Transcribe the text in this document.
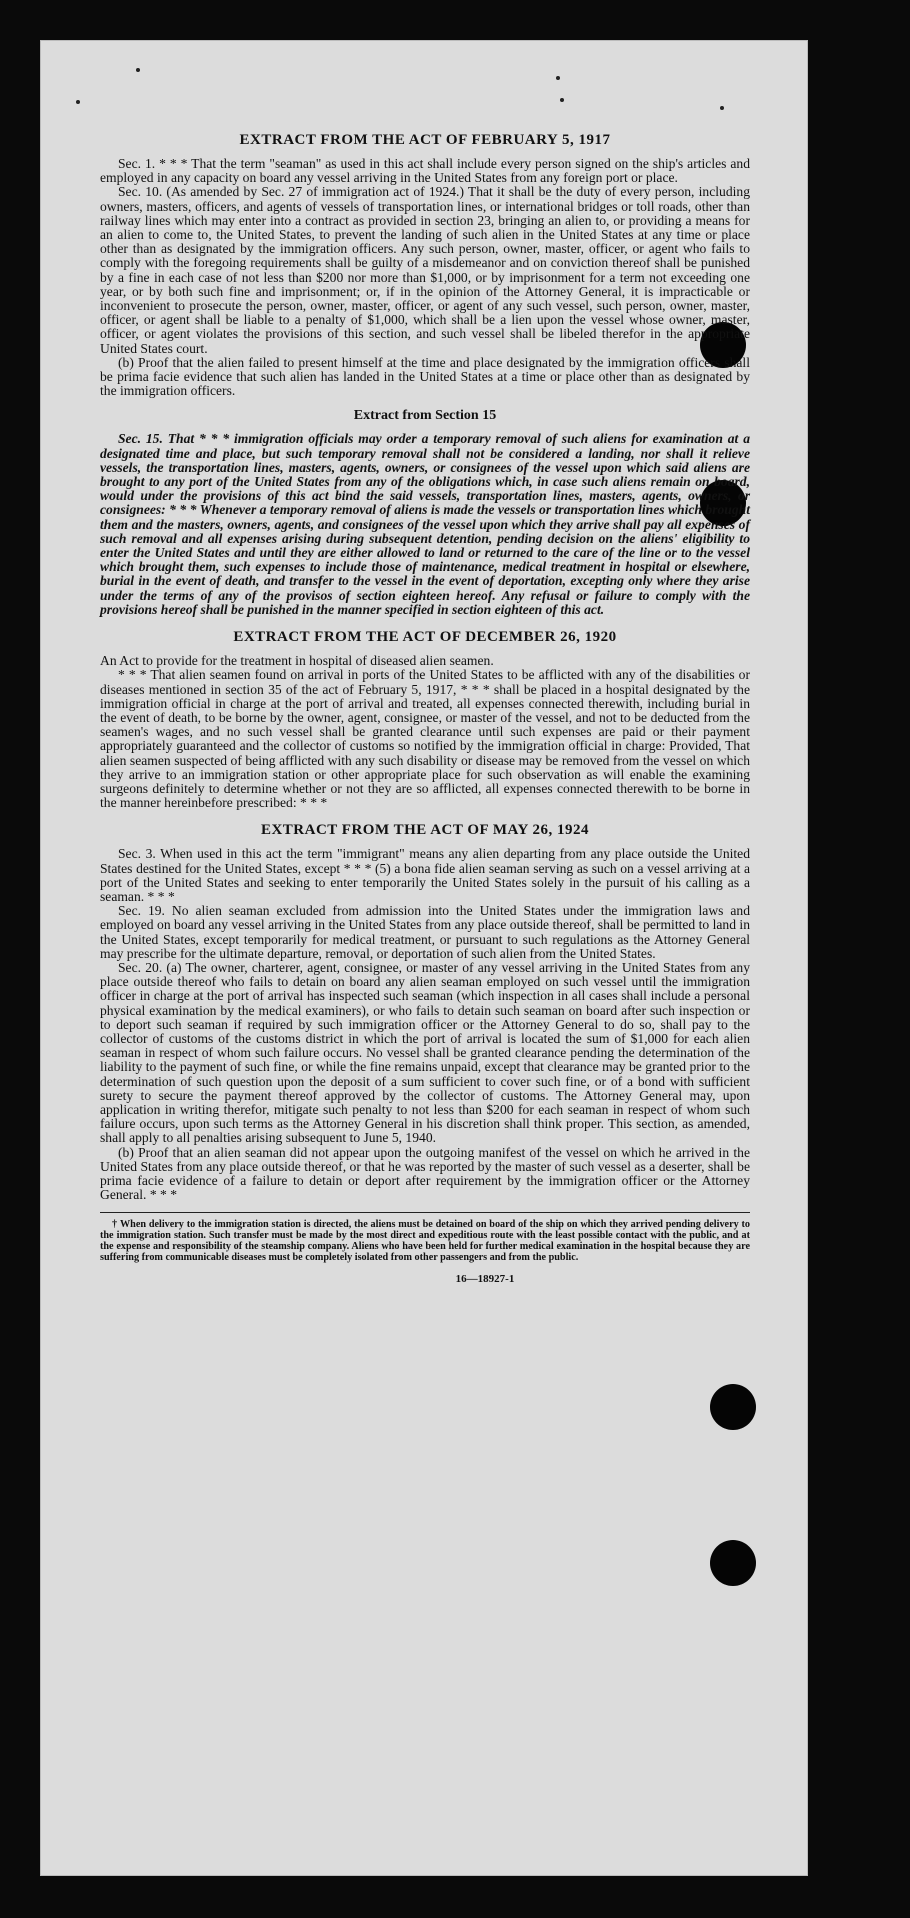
EXTRACT FROM THE ACT OF FEBRUARY 5, 1917

Sec. 1. * * * That the term "seaman" as used in this act shall include every person signed on the ship's articles and employed in any capacity on board any vessel arriving in the United States from any foreign port or place.

Sec. 10. (As amended by Sec. 27 of immigration act of 1924.) That it shall be the duty of every person, including owners, masters, officers, and agents of vessels of transportation lines, or international bridges or toll roads, other than railway lines which may enter into a contract as provided in section 23, bringing an alien to, or providing a means for an alien to come to, the United States, to prevent the landing of such alien in the United States at any time or place other than as designated by the immigration officers. Any such person, owner, master, officer, or agent who fails to comply with the foregoing requirements shall be guilty of a misdemeanor and on conviction thereof shall be punished by a fine in each case of not less than $200 nor more than $1,000, or by imprisonment for a term not exceeding one year, or by both such fine and imprisonment; or, if in the opinion of the Attorney General, it is impracticable or inconvenient to prosecute the person, owner, master, officer, or agent of any such vessel, such person, owner, master, officer, or agent shall be liable to a penalty of $1,000, which shall be a lien upon the vessel whose owner, master, officer, or agent violates the provisions of this section, and such vessel shall be libeled therefor in the appropriate United States court.

(b) Proof that the alien failed to present himself at the time and place designated by the immigration officers shall be prima facie evidence that such alien has landed in the United States at a time or place other than as designated by the immigration officers.

Extract from Section 15

Sec. 15. That * * * immigration officials may order a temporary removal of such aliens for examination at a designated time and place, but such temporary removal shall not be considered a landing, nor shall it relieve vessels, the transportation lines, masters, agents, owners, or consignees of the vessel upon which said aliens are brought to any port of the United States from any of the obligations which, in case such aliens remain on board, would under the provisions of this act bind the said vessels, transportation lines, masters, agents, owners, or consignees: * * * Whenever a temporary removal of aliens is made the vessels or transportation lines which brought them and the masters, owners, agents, and consignees of the vessel upon which they arrive shall pay all expenses of such removal and all expenses arising during subsequent detention, pending decision on the aliens' eligibility to enter the United States and until they are either allowed to land or returned to the care of the line or to the vessel which brought them, such expenses to include those of maintenance, medical treatment in hospital or elsewhere, burial in the event of death, and transfer to the vessel in the event of deportation, excepting only where they arise under the terms of any of the provisos of section eighteen hereof. Any refusal or failure to comply with the provisions hereof shall be punished in the manner specified in section eighteen of this act.

EXTRACT FROM THE ACT OF DECEMBER 26, 1920

An Act to provide for the treatment in hospital of diseased alien seamen.

* * * That alien seamen found on arrival in ports of the United States to be afflicted with any of the disabilities or diseases mentioned in section 35 of the act of February 5, 1917, * * * shall be placed in a hospital designated by the immigration official in charge at the port of arrival and treated, all expenses connected therewith, including burial in the event of death, to be borne by the owner, agent, consignee, or master of the vessel, and not to be deducted from the seamen's wages, and no such vessel shall be granted clearance until such expenses are paid or their payment appropriately guaranteed and the collector of customs so notified by the immigration official in charge: Provided, That alien seamen suspected of being afflicted with any such disability or disease may be removed from the vessel on which they arrive to an immigration station or other appropriate place for such observation as will enable the examining surgeons definitely to determine whether or not they are so afflicted, all expenses connected therewith to be borne in the manner hereinbefore prescribed: * * *

EXTRACT FROM THE ACT OF MAY 26, 1924

Sec. 3. When used in this act the term "immigrant" means any alien departing from any place outside the United States destined for the United States, except * * * (5) a bona fide alien seaman serving as such on a vessel arriving at a port of the United States and seeking to enter temporarily the United States solely in the pursuit of his calling as a seaman. * * *

Sec. 19. No alien seaman excluded from admission into the United States under the immigration laws and employed on board any vessel arriving in the United States from any place outside thereof, shall be permitted to land in the United States, except temporarily for medical treatment, or pursuant to such regulations as the Attorney General may prescribe for the ultimate departure, removal, or deportation of such alien from the United States.

Sec. 20. (a) The owner, charterer, agent, consignee, or master of any vessel arriving in the United States from any place outside thereof who fails to detain on board any alien seaman employed on such vessel until the immigration officer in charge at the port of arrival has inspected such seaman (which inspection in all cases shall include a personal physical examination by the medical examiners), or who fails to detain such seaman on board after such inspection or to deport such seaman if required by such immigration officer or the Attorney General to do so, shall pay to the collector of customs of the customs district in which the port of arrival is located the sum of $1,000 for each alien seaman in respect of whom such failure occurs. No vessel shall be granted clearance pending the determination of the liability to the payment of such fine, or while the fine remains unpaid, except that clearance may be granted prior to the determination of such question upon the deposit of a sum sufficient to cover such fine, or of a bond with sufficient surety to secure the payment thereof approved by the collector of customs. The Attorney General may, upon application in writing therefor, mitigate such penalty to not less than $200 for each seaman in respect of whom such failure occurs, upon such terms as the Attorney General in his discretion shall think proper. This section, as amended, shall apply to all penalties arising subsequent to June 5, 1940.

(b) Proof that an alien seaman did not appear upon the outgoing manifest of the vessel on which he arrived in the United States from any place outside thereof, or that he was reported by the master of such vessel as a deserter, shall be prima facie evidence of a failure to detain or deport after requirement by the immigration officer or the Attorney General. * * *

† When delivery to the immigration station is directed, the aliens must be detained on board of the ship on which they arrived pending delivery to the immigration station. Such transfer must be made by the most direct and expeditious route with the least possible contact with the public, and at the expense and responsibility of the steamship company. Aliens who have been held for further medical examination in the hospital because they are suffering from communicable diseases must be completely isolated from other passengers and from the public.

16—18927-1
